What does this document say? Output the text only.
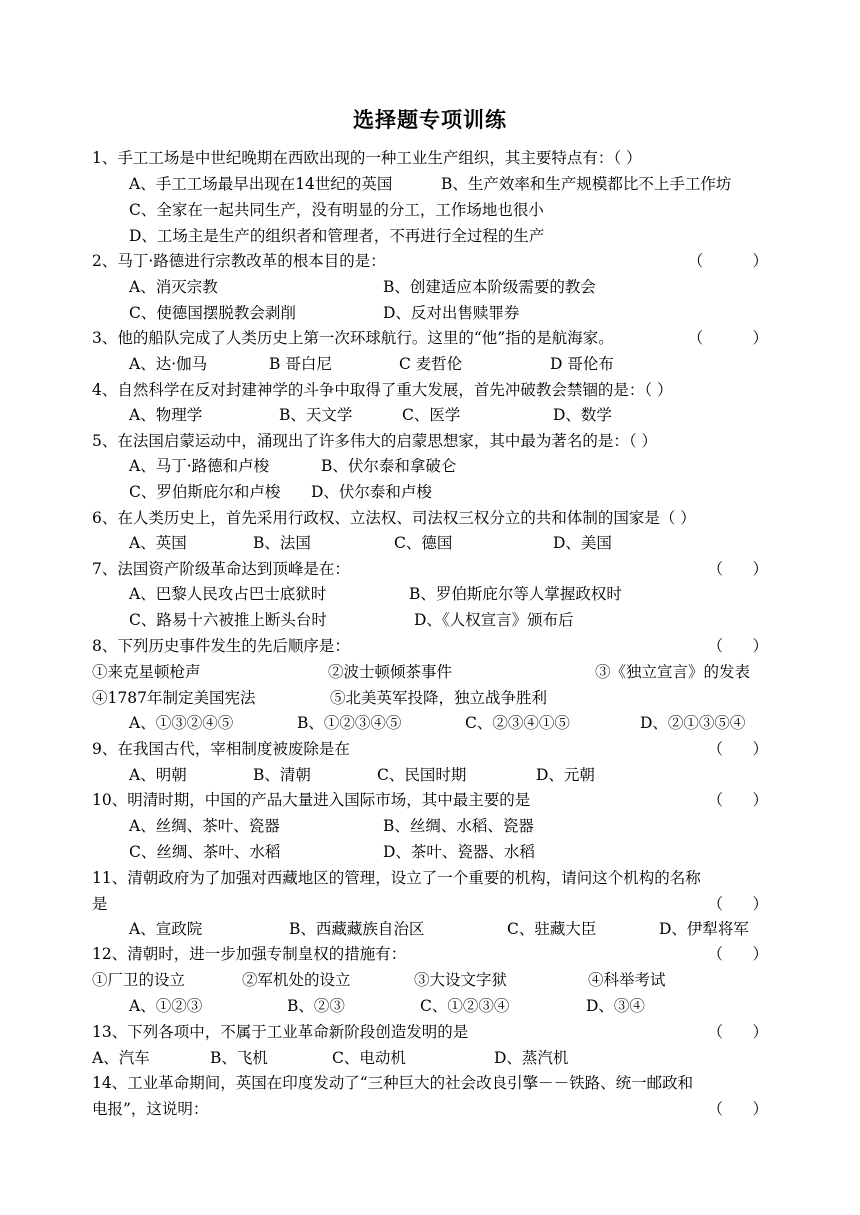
选择题专项训练
1、手工工场是中世纪晚期在西欧出现的一种工业生产组织，其主要特点有：（ ）
A、手工工场最早出现在14世纪的英国	B、生产效率和生产规模都比不上手工作坊
C、全家在一起共同生产，没有明显的分工，工作场地也很小
D、工场主是生产的组织者和管理者，不再进行全过程的生产
2、马丁·路德进行宗教改革的根本目的是：	（          ）
A、消灭宗教	B、创建适应本阶级需要的教会
C、使德国摆脱教会剥削	D、反对出售赎罪券
3、他的船队完成了人类历史上第一次环球航行。这里的“他”指的是航海家。	（          ）
A、达·伽马	B 哥白尼	C 麦哲伦	D 哥伦布
4、自然科学在反对封建神学的斗争中取得了重大发展，首先冲破教会禁锢的是：（ ）
A、物理学	B、天文学	C、医学	D、数学
5、在法国启蒙运动中，涌现出了许多伟大的启蒙思想家，其中最为著名的是：（ ）
A、马丁·路德和卢梭	B、伏尔泰和拿破仑
C、罗伯斯庇尔和卢梭 D、伏尔泰和卢梭
6、在人类历史上，首先采用行政权、立法权、司法权三权分立的共和体制的国家是（ ）
A、英国	B、法国	C、德国	D、美国
7、法国资产阶级革命达到顶峰是在：	（      ）
A、巴黎人民攻占巴士底狱时	B、罗伯斯庇尔等人掌握政权时
C、路易十六被推上断头台时	D、《人权宣言》颁布后
8、下列历史事件发生的先后顺序是：	（      ）
①来克星顿枪声	②波士顿倾茶事件	③《独立宣言》的发表
④1787年制定美国宪法	⑤北美英军投降，独立战争胜利
A、①③②④⑤	B、①②③④⑤	C、②③④①⑤	D、②①③⑤④
9、在我国古代，宰相制度被废除是在	（      ）
A、明朝	B、清朝	C、民国时期	D、元朝
10、明清时期，中国的产品大量进入国际市场，其中最主要的是	（      ）
A、丝绸、茶叶、瓷器	B、丝绸、水稻、瓷器
C、丝绸、茶叶、水稻	D、茶叶、瓷器、水稻
11、清朝政府为了加强对西藏地区的管理，设立了一个重要的机构，请问这个机构的名称
是	（      ）
A、宣政院	B、西藏藏族自治区	C、驻藏大臣	D、伊犁将军
12、清朝时，进一步加强专制皇权的措施有：	（      ）
①厂卫的设立	②军机处的设立	③大设文字狱	④科举考试
A、①②③	B、②③	C、①②③④	D、③④
13、下列各项中，不属于工业革命新阶段创造发明的是	（      ）
A、汽车	B、飞机	C、电动机	D、蒸汽机
14、工业革命期间，英国在印度发动了“三种巨大的社会改良引擎－－铁路、统一邮政和
电报”，这说明：	（      ）
